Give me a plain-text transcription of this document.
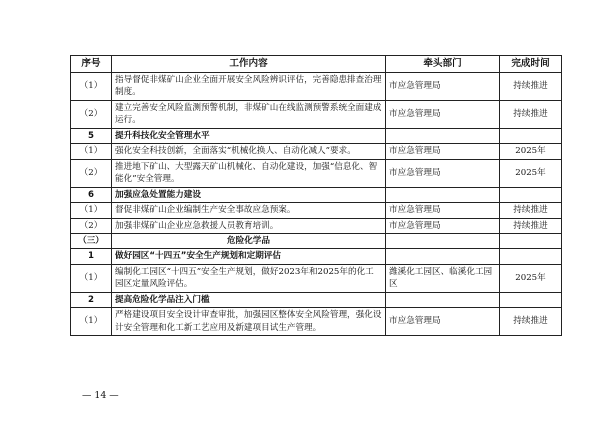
序号	工作内容	牵头部门	完成时间
（1）	指导督促非煤矿山企业全面开展安全风险辨识评估，完善隐患排查治理制度。	市应急管理局	持续推进
（2）	建立完善安全风险监测预警机制，非煤矿山在线监测预警系统全面建成运行。	市应急管理局	持续推进
5	提升科技化安全管理水平		
（1）	强化安全科技创新，全面落实“机械化换人、自动化减人”要求。	市应急管理局	2025年
（2）	推进地下矿山、大型露天矿山机械化、自动化建设，加强“信息化、智能化”安全管理。	市应急管理局	2025年
6	加强应急处置能力建设		
（1）	督促非煤矿山企业编制生产安全事故应急预案。	市应急管理局	持续推进
（2）	加强非煤矿山企业应急救援人员教育培训。	市应急管理局	持续推进
（三）	危险化学品		
1	做好园区“十四五”安全生产规划和定期评估		
（1）	编制化工园区“十四五”安全生产规划，做好2023年和2025年的化工园区定量风险评估。	潍溪化工园区、临溪化工园区	2025年
2	提高危险化学品注入门槛		
（1）	严格建设项目安全设计审查审批，加强园区整体安全风险管理，强化设计安全管理和化工新工艺应用及新建项目试生产管理。	市应急管理局	持续推进
— 14 —
